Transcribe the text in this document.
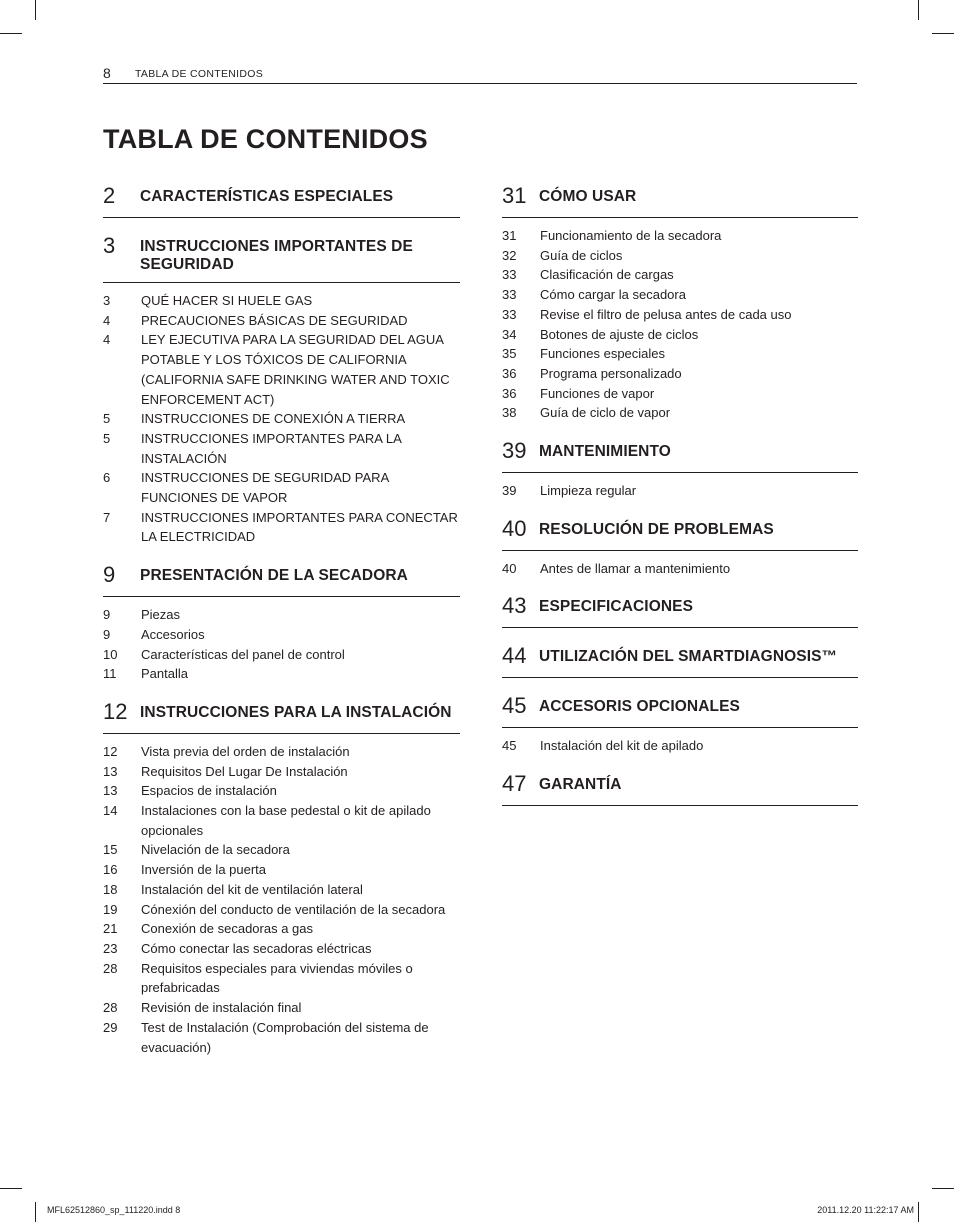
8 TABLA DE CONTENIDOS
TABLA DE CONTENIDOS
2	CARACTERÍSTICAS ESPECIALES
3	INSTRUCCIONES IMPORTANTES DE SEGURIDAD
3	QUÉ HACER SI HUELE GAS
4	PRECAUCIONES BÁSICAS DE SEGURIDAD
4	LEY EJECUTIVA PARA LA SEGURIDAD DEL AGUA POTABLE Y LOS TÓXICOS DE CALIFORNIA (CALIFORNIA SAFE DRINKING WATER AND TOXIC ENFORCEMENT ACT)
5	INSTRUCCIONES DE CONEXIÓN A TIERRA
5	INSTRUCCIONES IMPORTANTES PARA LA INSTALACIÓN
6	INSTRUCCIONES DE SEGURIDAD PARA FUNCIONES DE VAPOR
7	INSTRUCCIONES IMPORTANTES PARA CONECTAR LA ELECTRICIDAD
9	PRESENTACIÓN DE LA SECADORA
9	Piezas
9	Accesorios
10	Características del panel de control
11	Pantalla
12 INSTRUCCIONES PARA LA INSTALACIÓN
12	Vista previa del orden de instalación
13	Requisitos Del Lugar De Instalación
13	Espacios de instalación
14	Instalaciones con la base pedestal o kit de apilado opcionales
15	Nivelación de la secadora
16	Inversión de la puerta
18	Instalación del kit de ventilación lateral
19	Cónexión del conducto de ventilación de la secadora
21	Conexión de secadoras a gas
23	Cómo conectar las secadoras eléctricas
28	Requisitos especiales para viviendas móviles o prefabricadas
28	Revisión de instalación final
29	Test de Instalación (Comprobación del sistema de evacuación)
31 CÓMO USAR
31	Funcionamiento de la secadora
32	Guía de ciclos
33	Clasificación de cargas
33	Cómo cargar la secadora
33	Revise el filtro de pelusa antes de cada uso
34	Botones de ajuste de ciclos
35	Funciones especiales
36	Programa personalizado
36	Funciones de vapor
38	Guía de ciclo de vapor
39 MANTENIMIENTO
39	Limpieza regular
40 RESOLUCIÓN DE PROBLEMAS
40	Antes de llamar a mantenimiento
43 ESPECIFICACIONES
44 UTILIZACIÓN DEL SMARTDIAGNOSIS™
45 ACCESORIS OPCIONALES
45	Instalación del kit de apilado
47 GARANTÍA
MFL62512860_sp_111220.indd 8	2011.12.20 11:22:17 AM
